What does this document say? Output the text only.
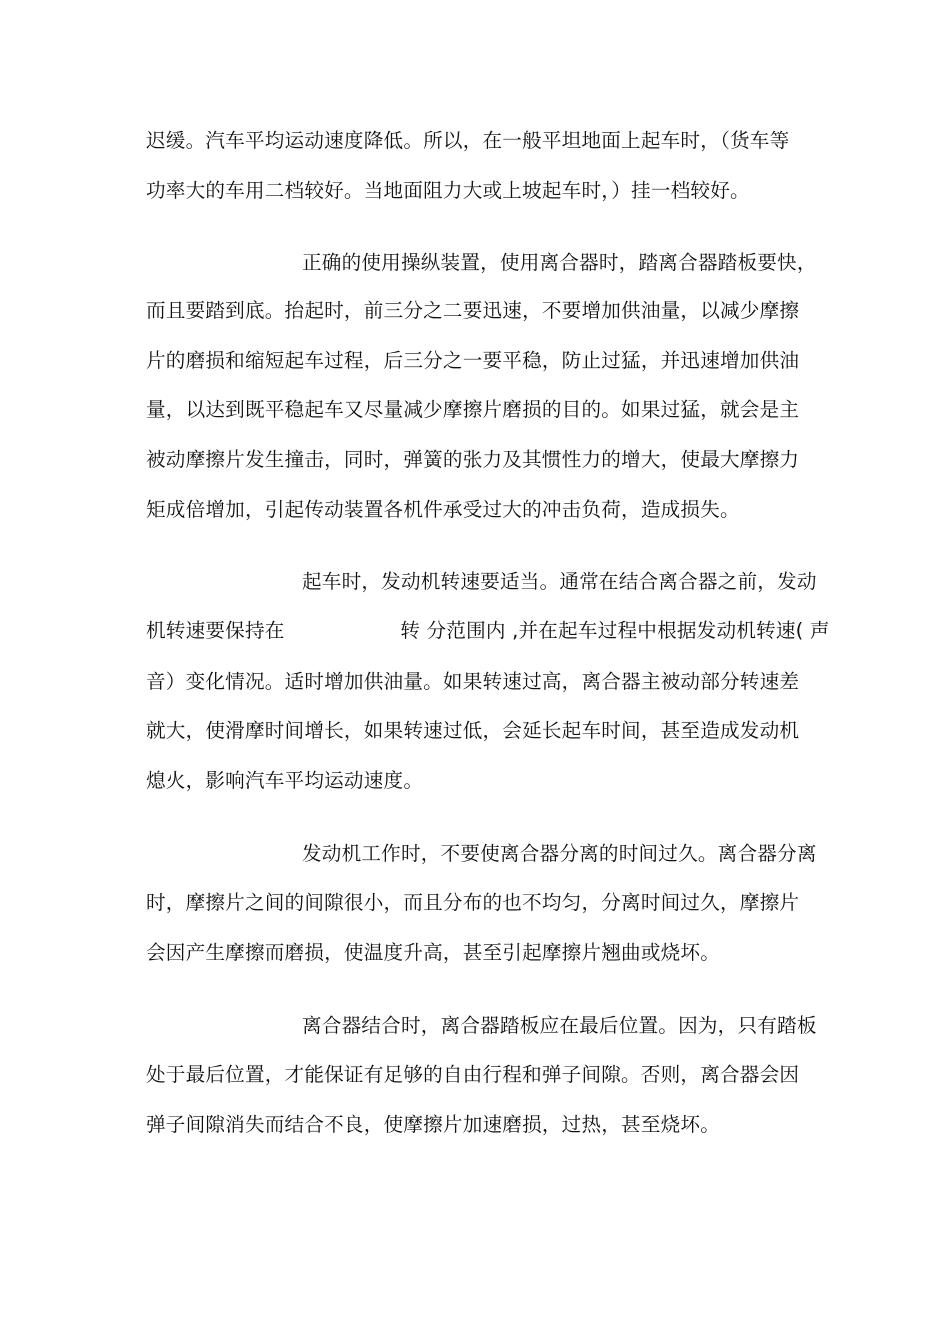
迟缓。汽车平均运动速度降低。所以，在一般平坦地面上起车时，（货车等
功率大的车用二档较好。当地面阻力大或上坡起车时，）挂一档较好。
正确的使用操纵装置，使用离合器时，踏离合器踏板要快，
而且要踏到底。抬起时，前三分之二要迅速，不要增加供油量，以减少摩擦
片的磨损和缩短起车过程，后三分之一要平稳，防止过猛，并迅速增加供油
量，以达到既平稳起车又尽量减少摩擦片磨损的目的。如果过猛，就会是主
被动摩擦片发生撞击，同时，弹簧的张力及其惯性力的增大，使最大摩擦力
矩成倍增加，引起传动装置各机件承受过大的冲击负荷，造成损失。
起车时，发动机转速要适当。通常在结合离合器之前，发动
机转速要保持在                  转 分范围内 ,并在起车过程中根据发动机转速( 声
音）变化情况。适时增加供油量。如果转速过高，离合器主被动部分转速差
就大，使滑摩时间增长，如果转速过低，会延长起车时间，甚至造成发动机
熄火，影响汽车平均运动速度。
发动机工作时，不要使离合器分离的时间过久。离合器分离
时，摩擦片之间的间隙很小，而且分布的也不均匀，分离时间过久，摩擦片
会因产生摩擦而磨损，使温度升高，甚至引起摩擦片翘曲或烧坏。
离合器结合时，离合器踏板应在最后位置。因为，只有踏板
处于最后位置，才能保证有足够的自由行程和弹子间隙。否则，离合器会因
弹子间隙消失而结合不良，使摩擦片加速磨损，过热，甚至烧坏。
